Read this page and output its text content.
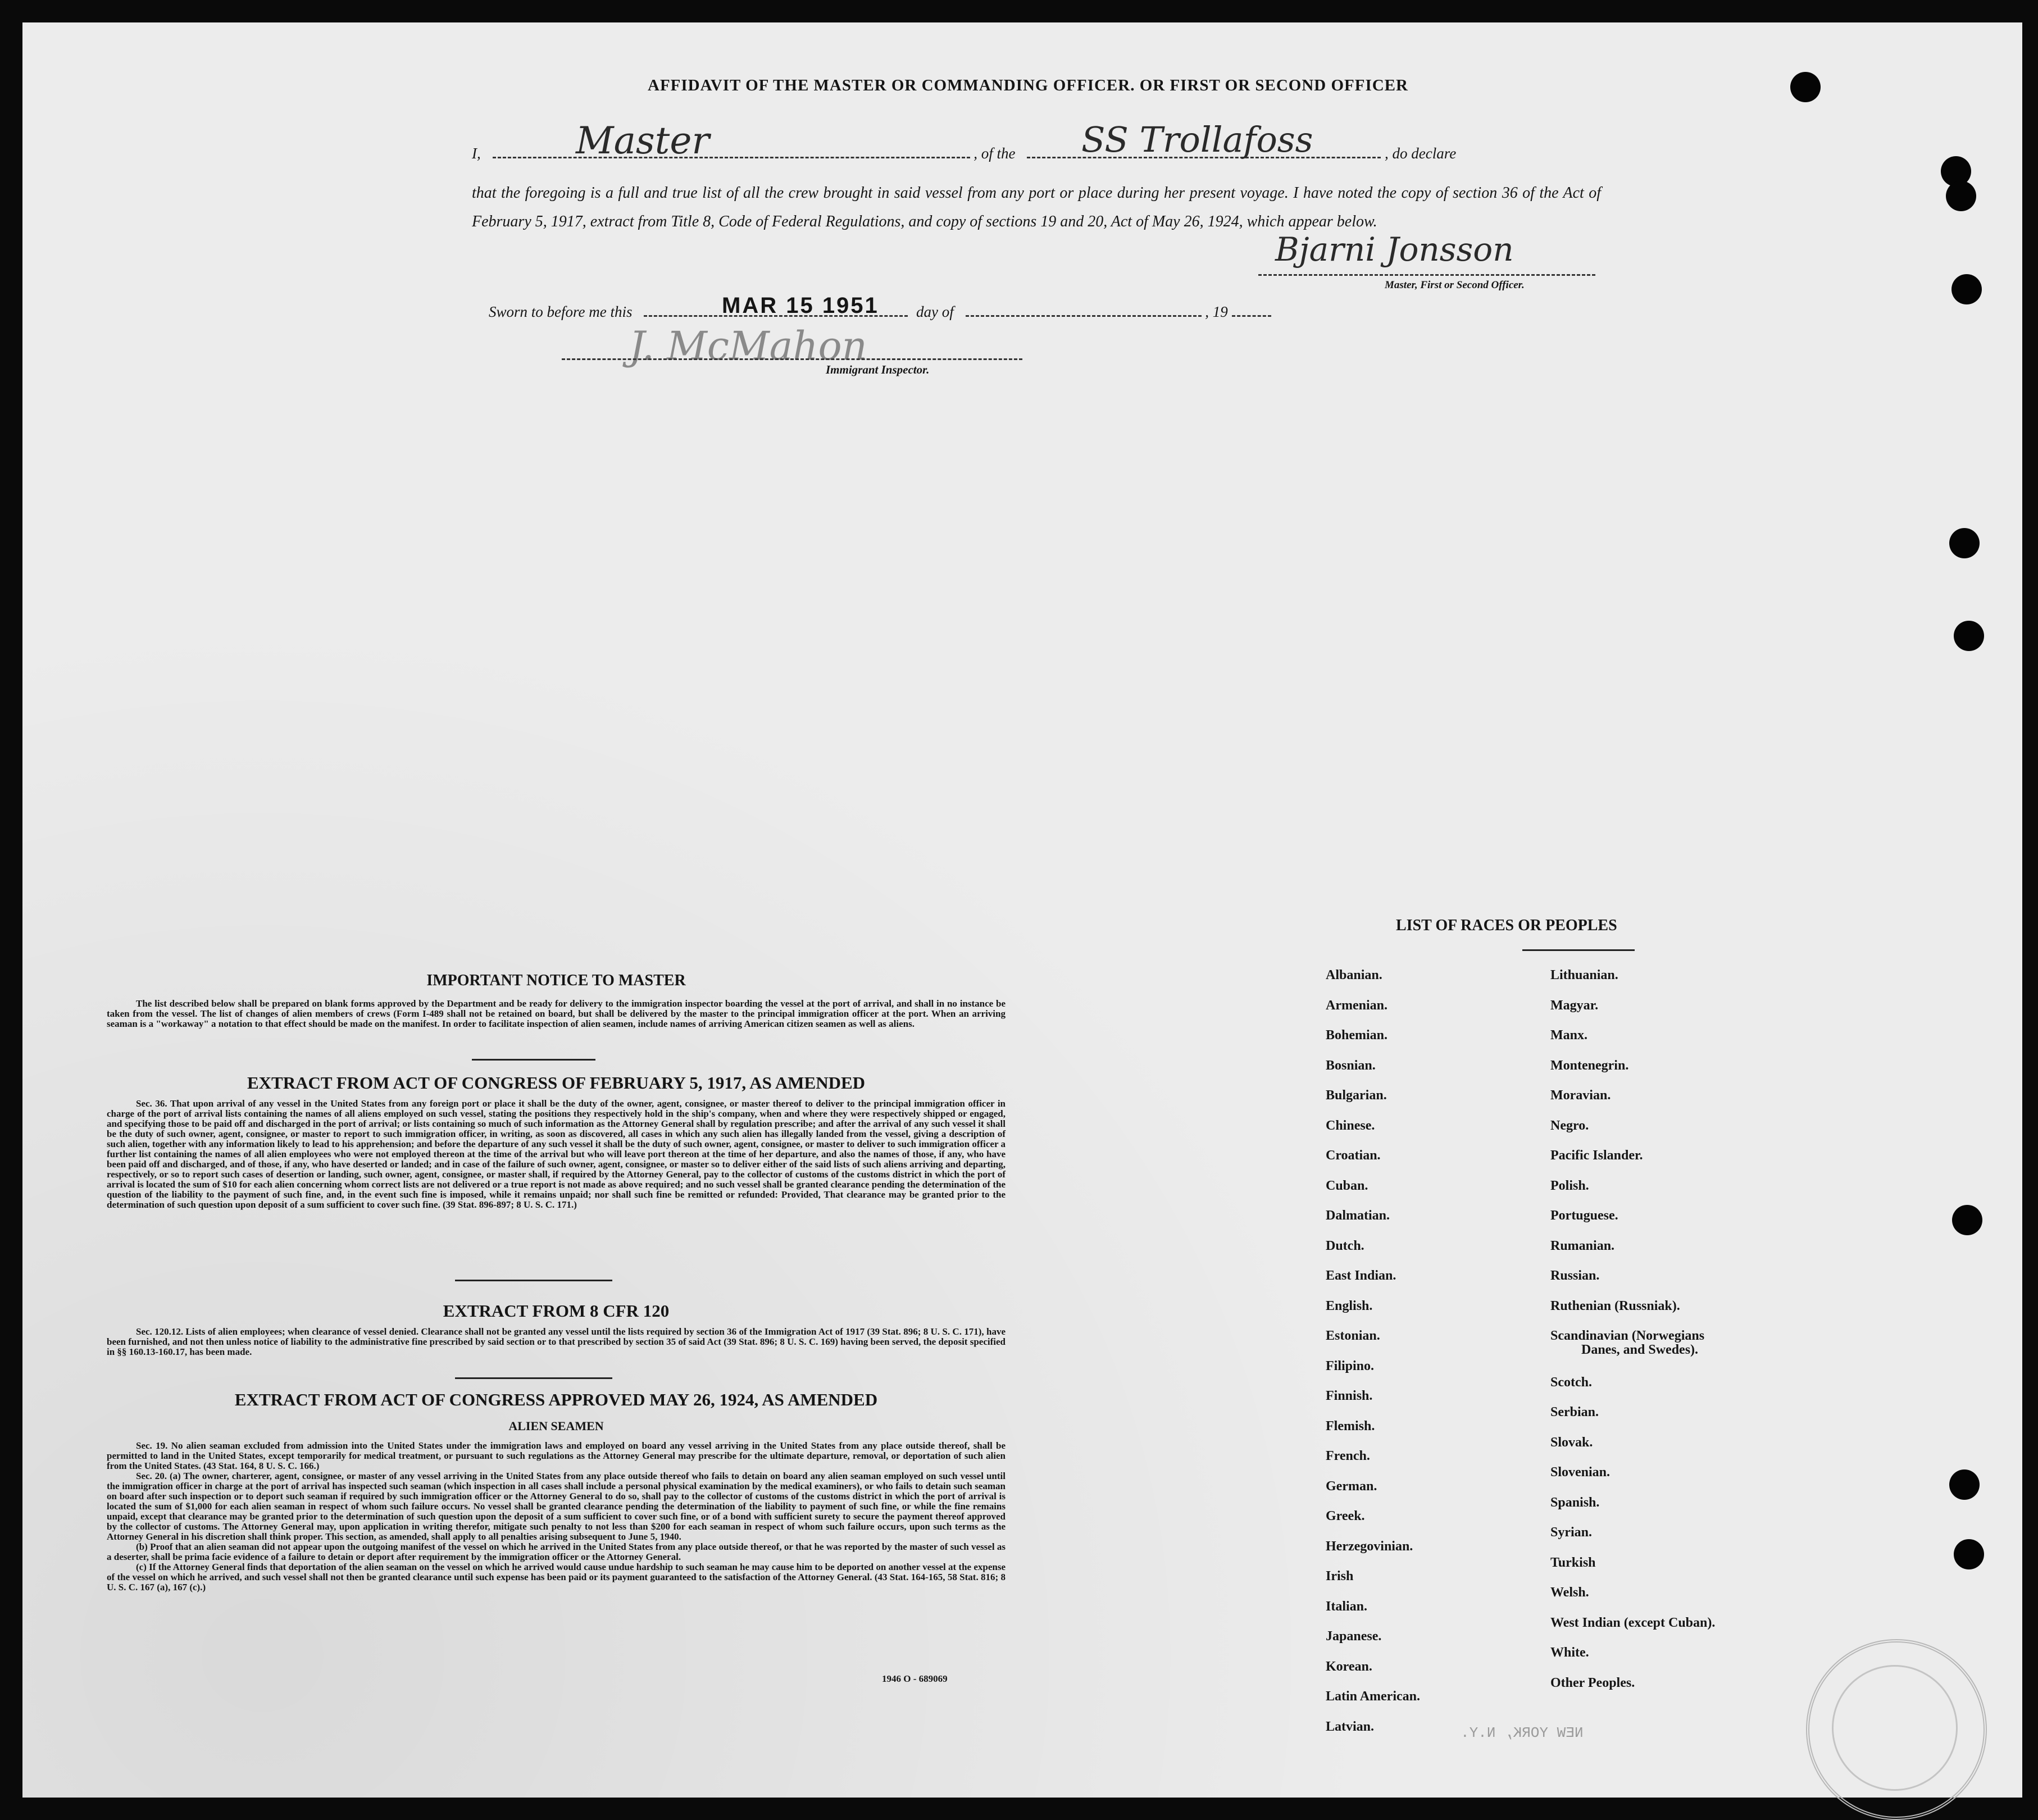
AFFIDAVIT OF THE MASTER OR COMMANDING OFFICER. OR FIRST OR SECOND OFFICER
I,	, of the	, do declare
Master	SS Trollafoss
that the foregoing is a full and true list of all the crew brought in said vessel from any port or place during her present voyage. I have noted the copy of section 36 of the Act of February 5, 1917, extract from Title 8, Code of Federal Regulations, and copy of sections 19 and 20, Act of May 26, 1924, which appear below.
Bjarni Jonsson
Master, First or Second Officer.
Sworn to before me this	day of	, 19
MAR 15 1951
J. McMahon
Immigrant Inspector.
IMPORTANT NOTICE TO MASTER

The list described below shall be prepared on blank forms approved by the Department and be ready for delivery to the immigration inspector boarding the vessel at the port of arrival, and shall in no instance be taken from the vessel. The list of changes of alien members of crews (Form I-489 shall not be retained on board, but shall be delivered by the master to the principal immigration officer at the port. When an arriving seaman is a "workaway" a notation to that effect should be made on the manifest. In order to facilitate inspection of alien seamen, include names of arriving American citizen seamen as well as aliens.

EXTRACT FROM ACT OF CONGRESS OF FEBRUARY 5, 1917, AS AMENDED

Sec. 36. That upon arrival of any vessel in the United States from any foreign port or place it shall be the duty of the owner, agent, consignee, or master thereof to deliver to the principal immigration officer in charge of the port of arrival lists containing the names of all aliens employed on such vessel, stating the positions they respectively hold in the ship's company, when and where they were respectively shipped or engaged, and specifying those to be paid off and discharged in the port of arrival; or lists containing so much of such information as the Attorney General shall by regulation prescribe; and after the arrival of any such vessel it shall be the duty of such owner, agent, consignee, or master to report to such immigration officer, in writing, as soon as discovered, all cases in which any such alien has illegally landed from the vessel, giving a description of such alien, together with any information likely to lead to his apprehension; and before the departure of any such vessel it shall be the duty of such owner, agent, consignee, or master to deliver to such immigration officer a further list containing the names of all alien employees who were not employed thereon at the time of the arrival but who will leave port thereon at the time of her departure, and also the names of those, if any, who have been paid off and discharged, and of those, if any, who have deserted or landed; and in case of the failure of such owner, agent, consignee, or master so to deliver either of the said lists of such aliens arriving and departing, respectively, or so to report such cases of desertion or landing, such owner, agent, consignee, or master shall, if required by the Attorney General, pay to the collector of customs of the customs district in which the port of arrival is located the sum of $10 for each alien concerning whom correct lists are not delivered or a true report is not made as above required; and no such vessel shall be granted clearance pending the determination of the question of the liability to the payment of such fine, and, in the event such fine is imposed, while it remains unpaid; nor shall such fine be remitted or refunded: Provided, That clearance may be granted prior to the determination of such question upon deposit of a sum sufficient to cover such fine. (39 Stat. 896-897; 8 U. S. C. 171.)

EXTRACT FROM 8 CFR 120

Sec. 120.12. Lists of alien employees; when clearance of vessel denied. Clearance shall not be granted any vessel until the lists required by section 36 of the Immigration Act of 1917 (39 Stat. 896; 8 U. S. C. 171), have been furnished, and not then unless notice of liability to the administrative fine prescribed by said section or to that prescribed by section 35 of said Act (39 Stat. 896; 8 U. S. C. 169) having been served, the deposit specified in §§ 160.13-160.17, has been made.

EXTRACT FROM ACT OF CONGRESS APPROVED MAY 26, 1924, AS AMENDED
ALIEN SEAMEN

Sec. 19. No alien seaman excluded from admission into the United States under the immigration laws and employed on board any vessel arriving in the United States from any place outside thereof, shall be permitted to land in the United States, except temporarily for medical treatment, or pursuant to such regulations as the Attorney General may prescribe for the ultimate departure, removal, or deportation of such alien from the United States. (43 Stat. 164, 8 U. S. C. 166.)

Sec. 20. (a) The owner, charterer, agent, consignee, or master of any vessel arriving in the United States from any place outside thereof who fails to detain on board any alien seaman employed on such vessel until the immigration officer in charge at the port of arrival has inspected such seaman (which inspection in all cases shall include a personal physical examination by the medical examiners), or who fails to detain such seaman on board after such inspection or to deport such seaman if required by such immigration officer or the Attorney General to do so, shall pay to the collector of customs of the customs district in which the port of arrival is located the sum of $1,000 for each alien seaman in respect of whom such failure occurs. No vessel shall be granted clearance pending the determination of the liability to payment of such fine, or while the fine remains unpaid, except that clearance may be granted prior to the determination of such question upon the deposit of a sum sufficient to cover such fine, or of a bond with sufficient surety to secure the payment thereof approved by the collector of customs. The Attorney General may, upon application in writing therefor, mitigate such penalty to not less than $200 for each seaman in respect of whom such failure occurs, upon such terms as the Attorney General in his discretion shall think proper. This section, as amended, shall apply to all penalties arising subsequent to June 5, 1940.

(b) Proof that an alien seaman did not appear upon the outgoing manifest of the vessel on which he arrived in the United States from any place outside thereof, or that he was reported by the master of such vessel as a deserter, shall be prima facie evidence of a failure to detain or deport after requirement by the immigration officer or the Attorney General.

(c) If the Attorney General finds that deportation of the alien seaman on the vessel on which he arrived would cause undue hardship to such seaman he may cause him to be deported on another vessel at the expense of the vessel on which he arrived, and such vessel shall not then be granted clearance until such expense has been paid or its payment guaranteed to the satisfaction of the Attorney General. (43 Stat. 164-165, 58 Stat. 816; 8 U. S. C. 167 (a), 167 (c).)

1946 O - 689069
LIST OF RACES OR PEOPLES
NEW YORK, N.Y.
Albanian.
Armenian.
Bohemian.
Bosnian.
Bulgarian.
Chinese.
Croatian.
Cuban.
Dalmatian.
Dutch.
East Indian.
English.
Estonian.
Filipino.
Finnish.
Flemish.
French.
German.
Greek.
Herzegovinian.
Irish
Italian.
Japanese.
Korean.
Latin American.
Latvian.
Lithuanian.
Magyar.
Manx.
Montenegrin.
Moravian.
Negro.
Pacific Islander.
Polish.
Portuguese.
Rumanian.
Russian.
Ruthenian (Russniak).
Scandinavian (Norwegians
Danes, and Swedes).
Scotch.
Serbian.
Slovak.
Slovenian.
Spanish.
Syrian.
Turkish
Welsh.
West Indian (except Cuban).
White.
Other Peoples.
